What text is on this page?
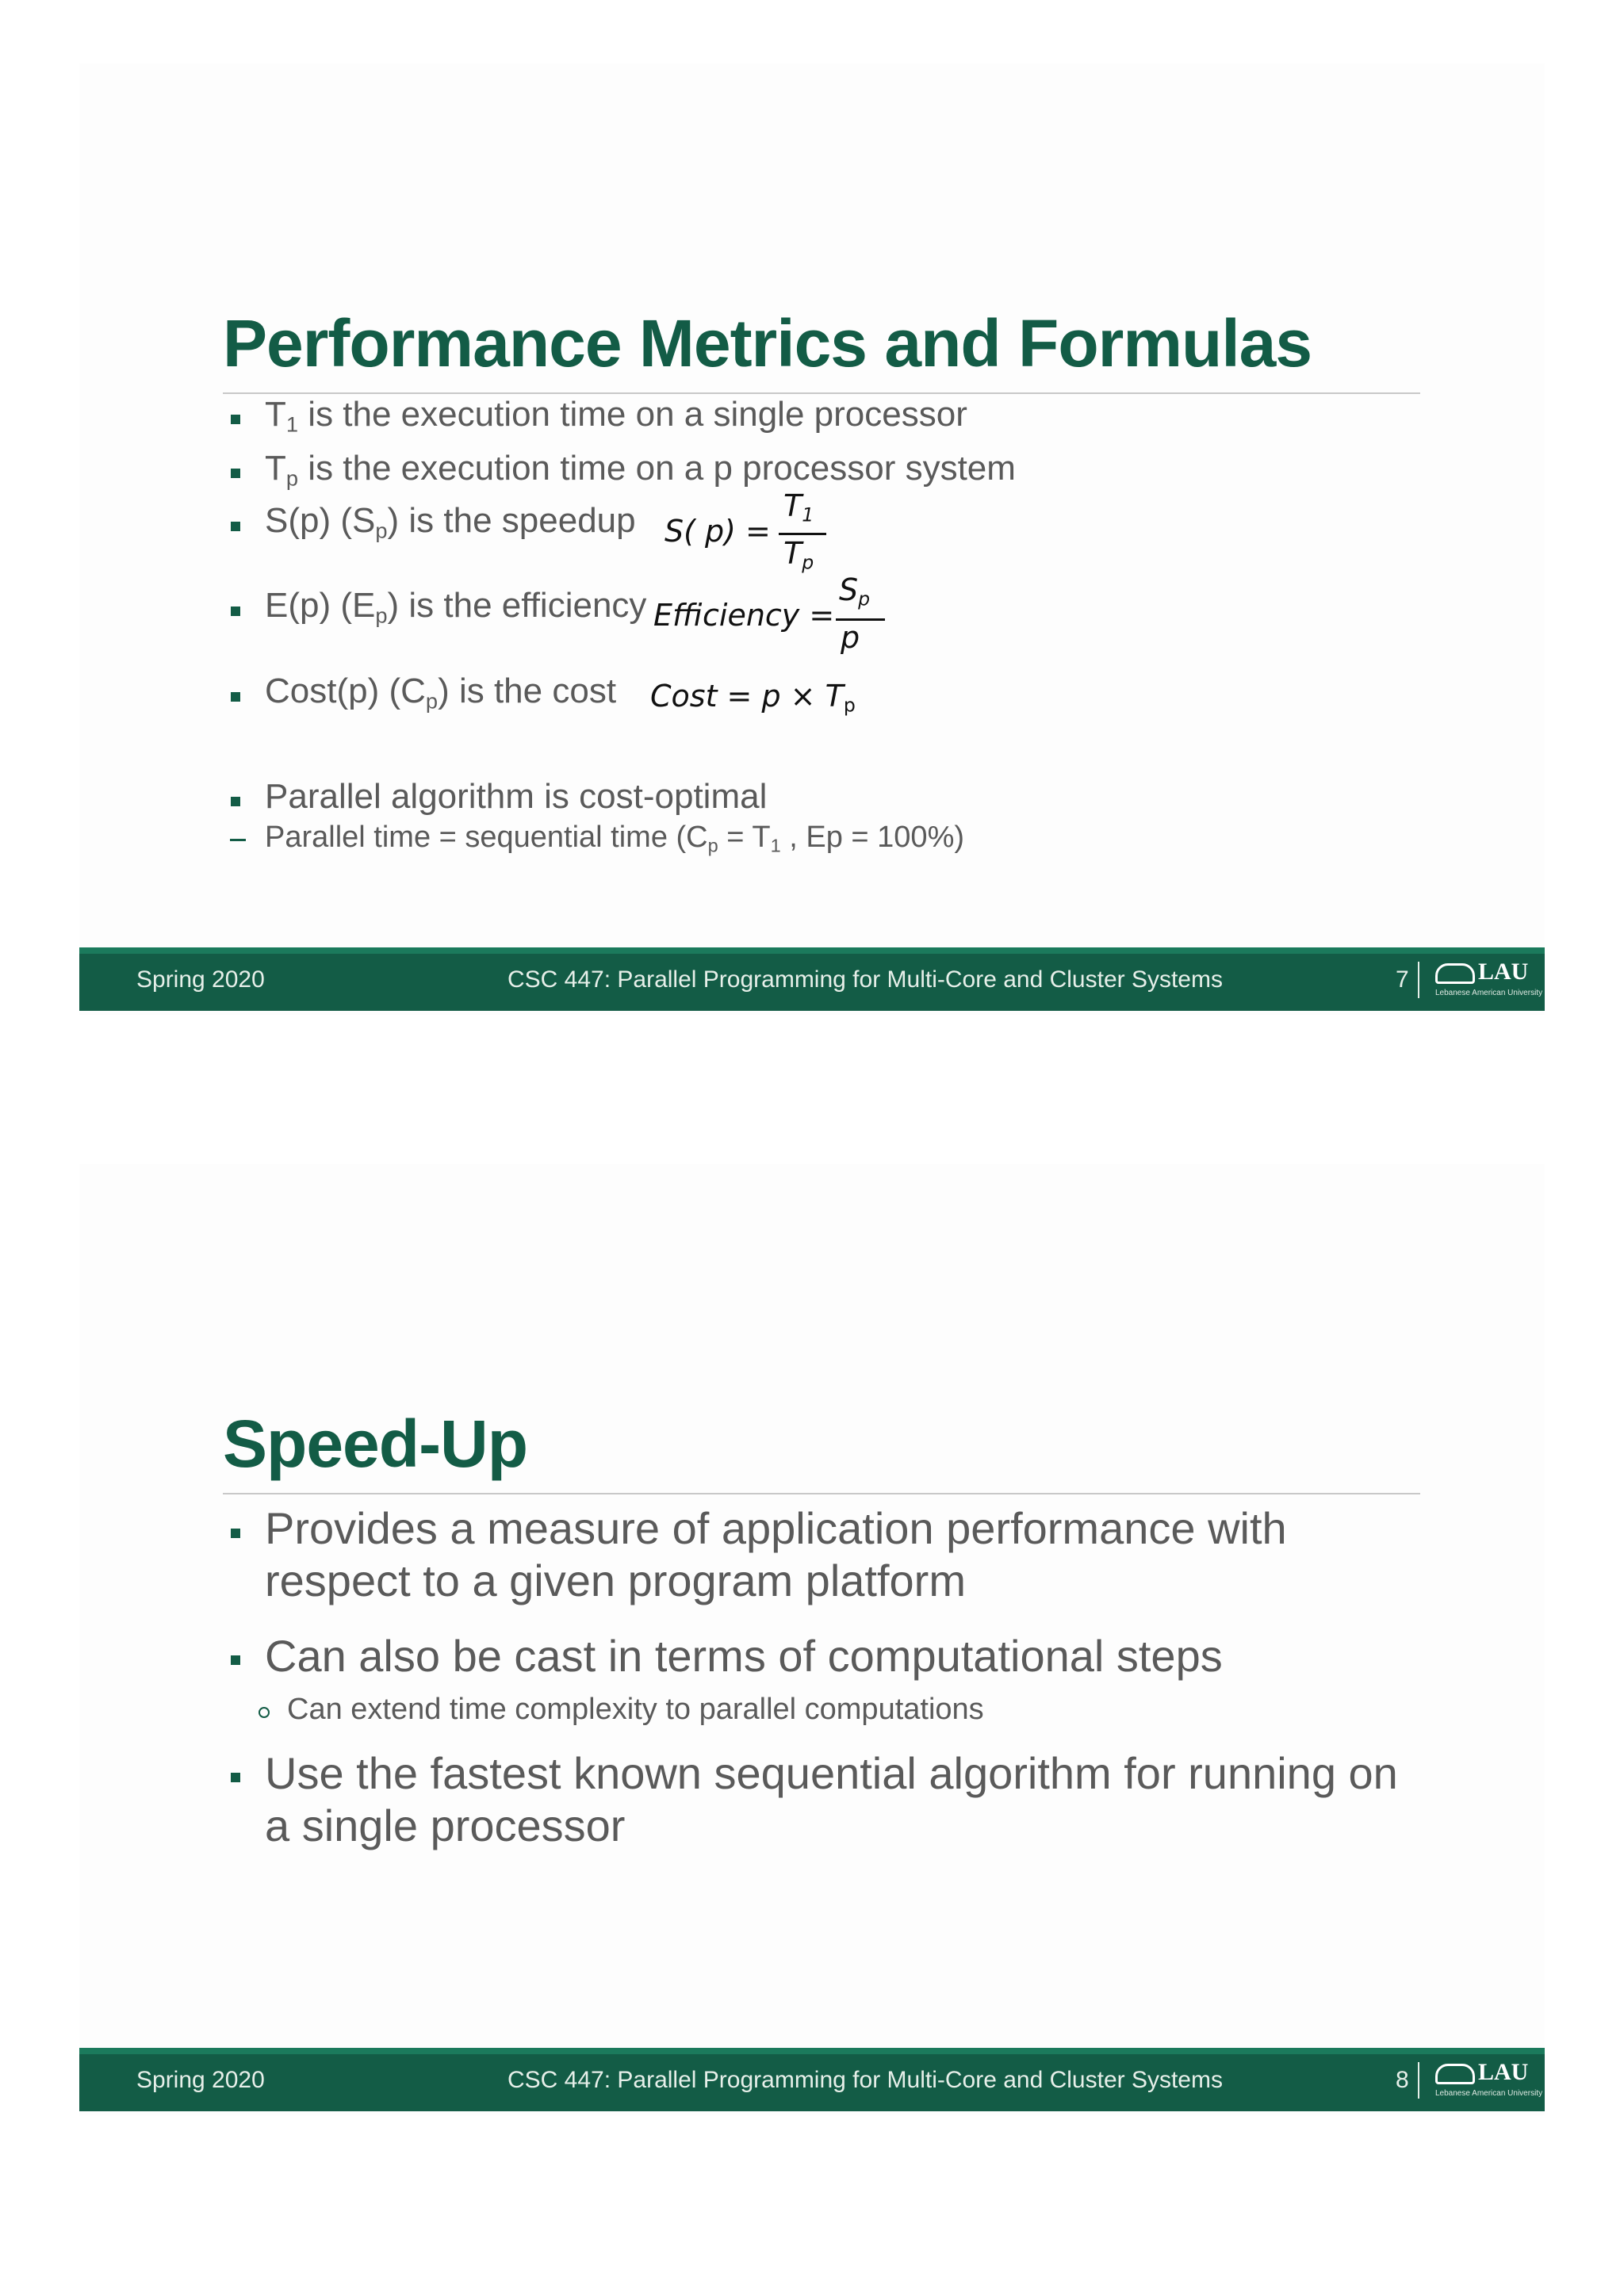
Performance Metrics and Formulas
$T_1$ is the execution time on a single processor
$T_p$ is the execution time on a p processor system
S(p) $(S_p)$ is the speedup S( p) =
$T_1$
$T_p$
E(p) $(E_p)$ is the efficiency Efficiency =
$S_p$
p
Cost(p) $(C_p)$ is the cost Cost = $p \times T_p$
Parallel algorithm is cost-optimal
Parallel time = sequential time ($C_p = T_1$ , Ep = 100%)
Spring 2020	CSC 447: Parallel Programming for Multi-Core and Cluster Systems	7	LAU
Lebanese American University
Speed-Up
Provides a measure of application performance with
respect to a given program platform
Can also be cast in terms of computational steps
Can extend time complexity to parallel computations
Use the fastest known sequential algorithm for running on
a single processor
Spring 2020	CSC 447: Parallel Programming for Multi-Core and Cluster Systems	8	LAU
Lebanese American University
